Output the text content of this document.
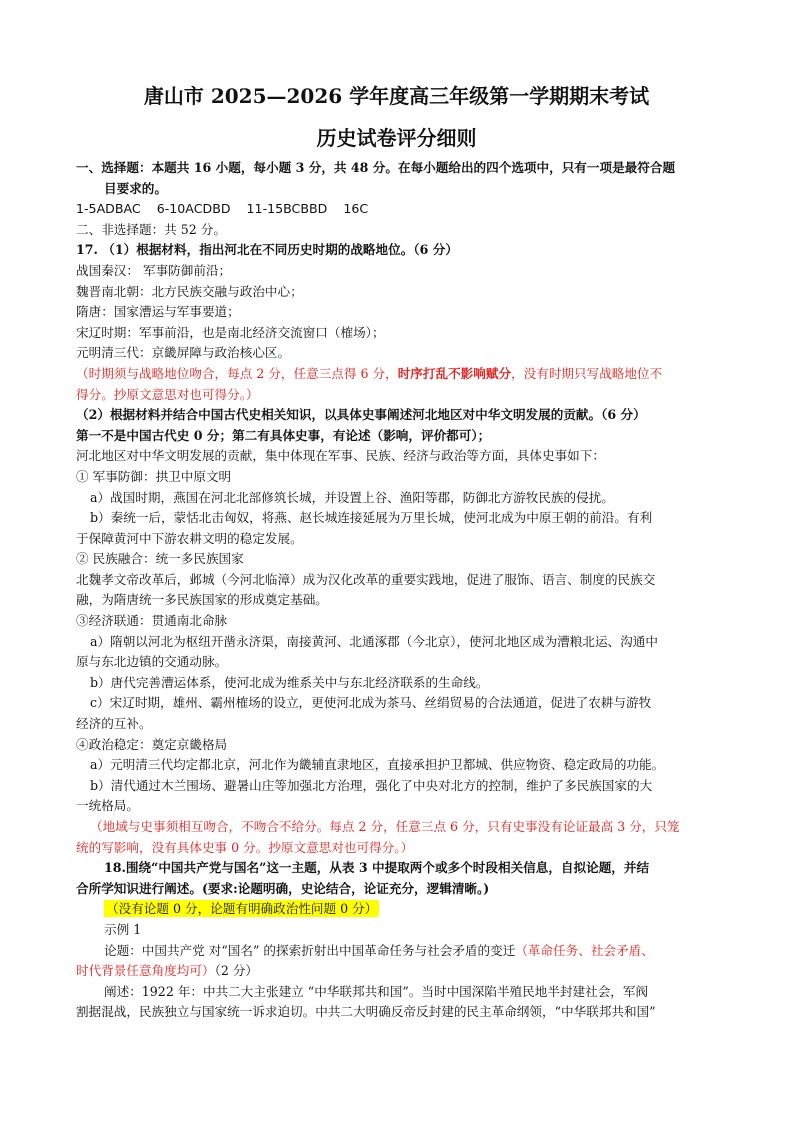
唐山市 2025—2026 学年度高三年级第一学期期末考试
历史试卷评分细则

一、选择题：本题共 16 小题，每小题 3 分，共 48 分。在每小题给出的四个选项中，只有一项是最符合题

目要求的。

1-5ADBAC    6-10ACDBD    11-15BCBBD    16C

二、非选择题：共 52 分。

17. （1）根据材料，指出河北在不同历史时期的战略地位。（6 分）

战国秦汉： 军事防御前沿；

魏晋南北朝：北方民族交融与政治中心；

隋唐：国家漕运与军事要道；

宋辽时期：军事前沿，也是南北经济交流窗口（榷场）；

元明清三代：京畿屏障与政治核心区。

（时期须与战略地位吻合，每点 2 分，任意三点得 6 分，时序打乱不影响赋分，没有时期只写战略地位不

得分。抄原文意思对也可得分。）

（2）根据材料并结合中国古代史相关知识，以具体史事阐述河北地区对中华文明发展的贡献。（6 分）

第一不是中国古代史 0 分；第二有具体史事，有论述（影响，评价都可）；

河北地区对中华文明发展的贡献，集中体现在军事、民族、经济与政治等方面，具体史事如下：

① 军事防御：拱卫中原文明

a）战国时期，燕国在河北北部修筑长城，并设置上谷、渔阳等郡，防御北方游牧民族的侵扰。

b）秦统一后，蒙恬北击匈奴，将燕、赵长城连接延展为万里长城，使河北成为中原王朝的前沿。有利

于保障黄河中下游农耕文明的稳定发展。

② 民族融合：统一多民族国家

北魏孝文帝改革后，邺城（今河北临漳）成为汉化改革的重要实践地，促进了服饰、语言、制度的民族交

融，为隋唐统一多民族国家的形成奠定基础。

③经济联通：贯通南北命脉

a）隋朝以河北为枢纽开凿永济渠，南接黄河、北通涿郡（今北京），使河北地区成为漕粮北运、沟通中

原与东北边镇的交通动脉。

b）唐代完善漕运体系，使河北成为维系关中与东北经济联系的生命线。

c）宋辽时期，雄州、霸州榷场的设立，更使河北成为茶马、丝绢贸易的合法通道，促进了农耕与游牧

经济的互补。

④政治稳定：奠定京畿格局

a）元明清三代均定都北京，河北作为畿辅直隶地区，直接承担护卫都城、供应物资、稳定政局的功能。

b）清代通过木兰围场、避暑山庄等加强北方治理，强化了中央对北方的控制，维护了多民族国家的大

一统格局。

（地域与史事须相互吻合，不吻合不给分。每点 2 分，任意三点 6 分，只有史事没有论证最高 3 分，只笼

统的写影响，没有具体史事 0 分。抄原文意思对也可得分。）

18.围绕“中国共产党与国名”这一主题，从表 3 中提取两个或多个时段相关信息，自拟论题，并结

合所学知识进行阐述。(要求:论题明确，史论结合，论证充分，逻辑清晰。)

（没有论题 0 分，论题有明确政治性问题 0 分）

示例 1

论题：中国共产党 对“国名” 的探索折射出中国革命任务与社会矛盾的变迁（革命任务、社会矛盾、

时代背景任意角度均可）（2 分）

阐述：1922 年：中共二大主张建立 “中华联邦共和国”。当时中国深陷半殖民地半封建社会，军阀

割据混战，民族独立与国家统一诉求迫切。中共二大明确反帝反封建的民主革命纲领，“中华联邦共和国”
